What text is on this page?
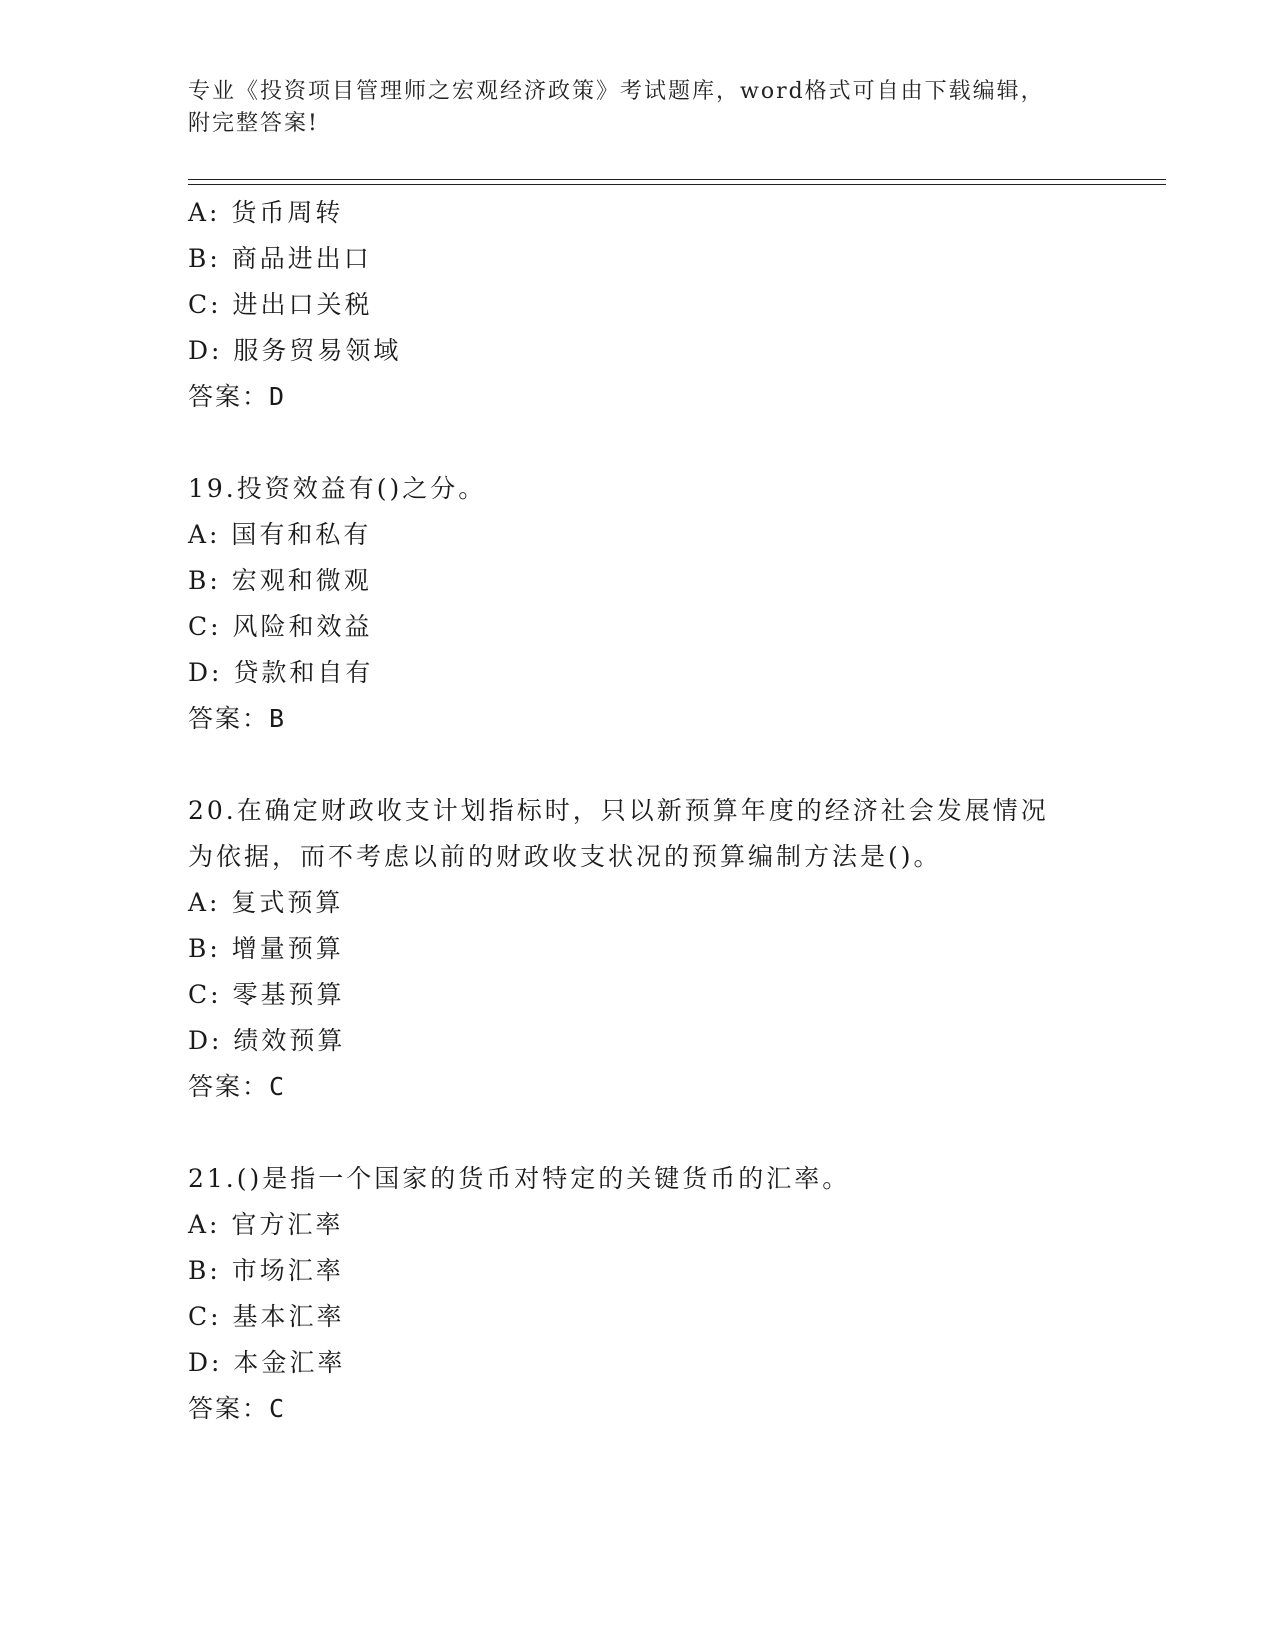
专业《投资项目管理师之宏观经济政策》考试题库，word格式可自由下载编辑，
附完整答案!
A: 货币周转
B: 商品进出口
C: 进出口关税
D: 服务贸易领域
答案：D
19.投资效益有()之分。
A: 国有和私有
B: 宏观和微观
C: 风险和效益
D: 贷款和自有
答案：B
20.在确定财政收支计划指标时，只以新预算年度的经济社会发展情况
为依据，而不考虑以前的财政收支状况的预算编制方法是()。
A: 复式预算
B: 增量预算
C: 零基预算
D: 绩效预算
答案：C
21.()是指一个国家的货币对特定的关键货币的汇率。
A: 官方汇率
B: 市场汇率
C: 基本汇率
D: 本金汇率
答案：C
